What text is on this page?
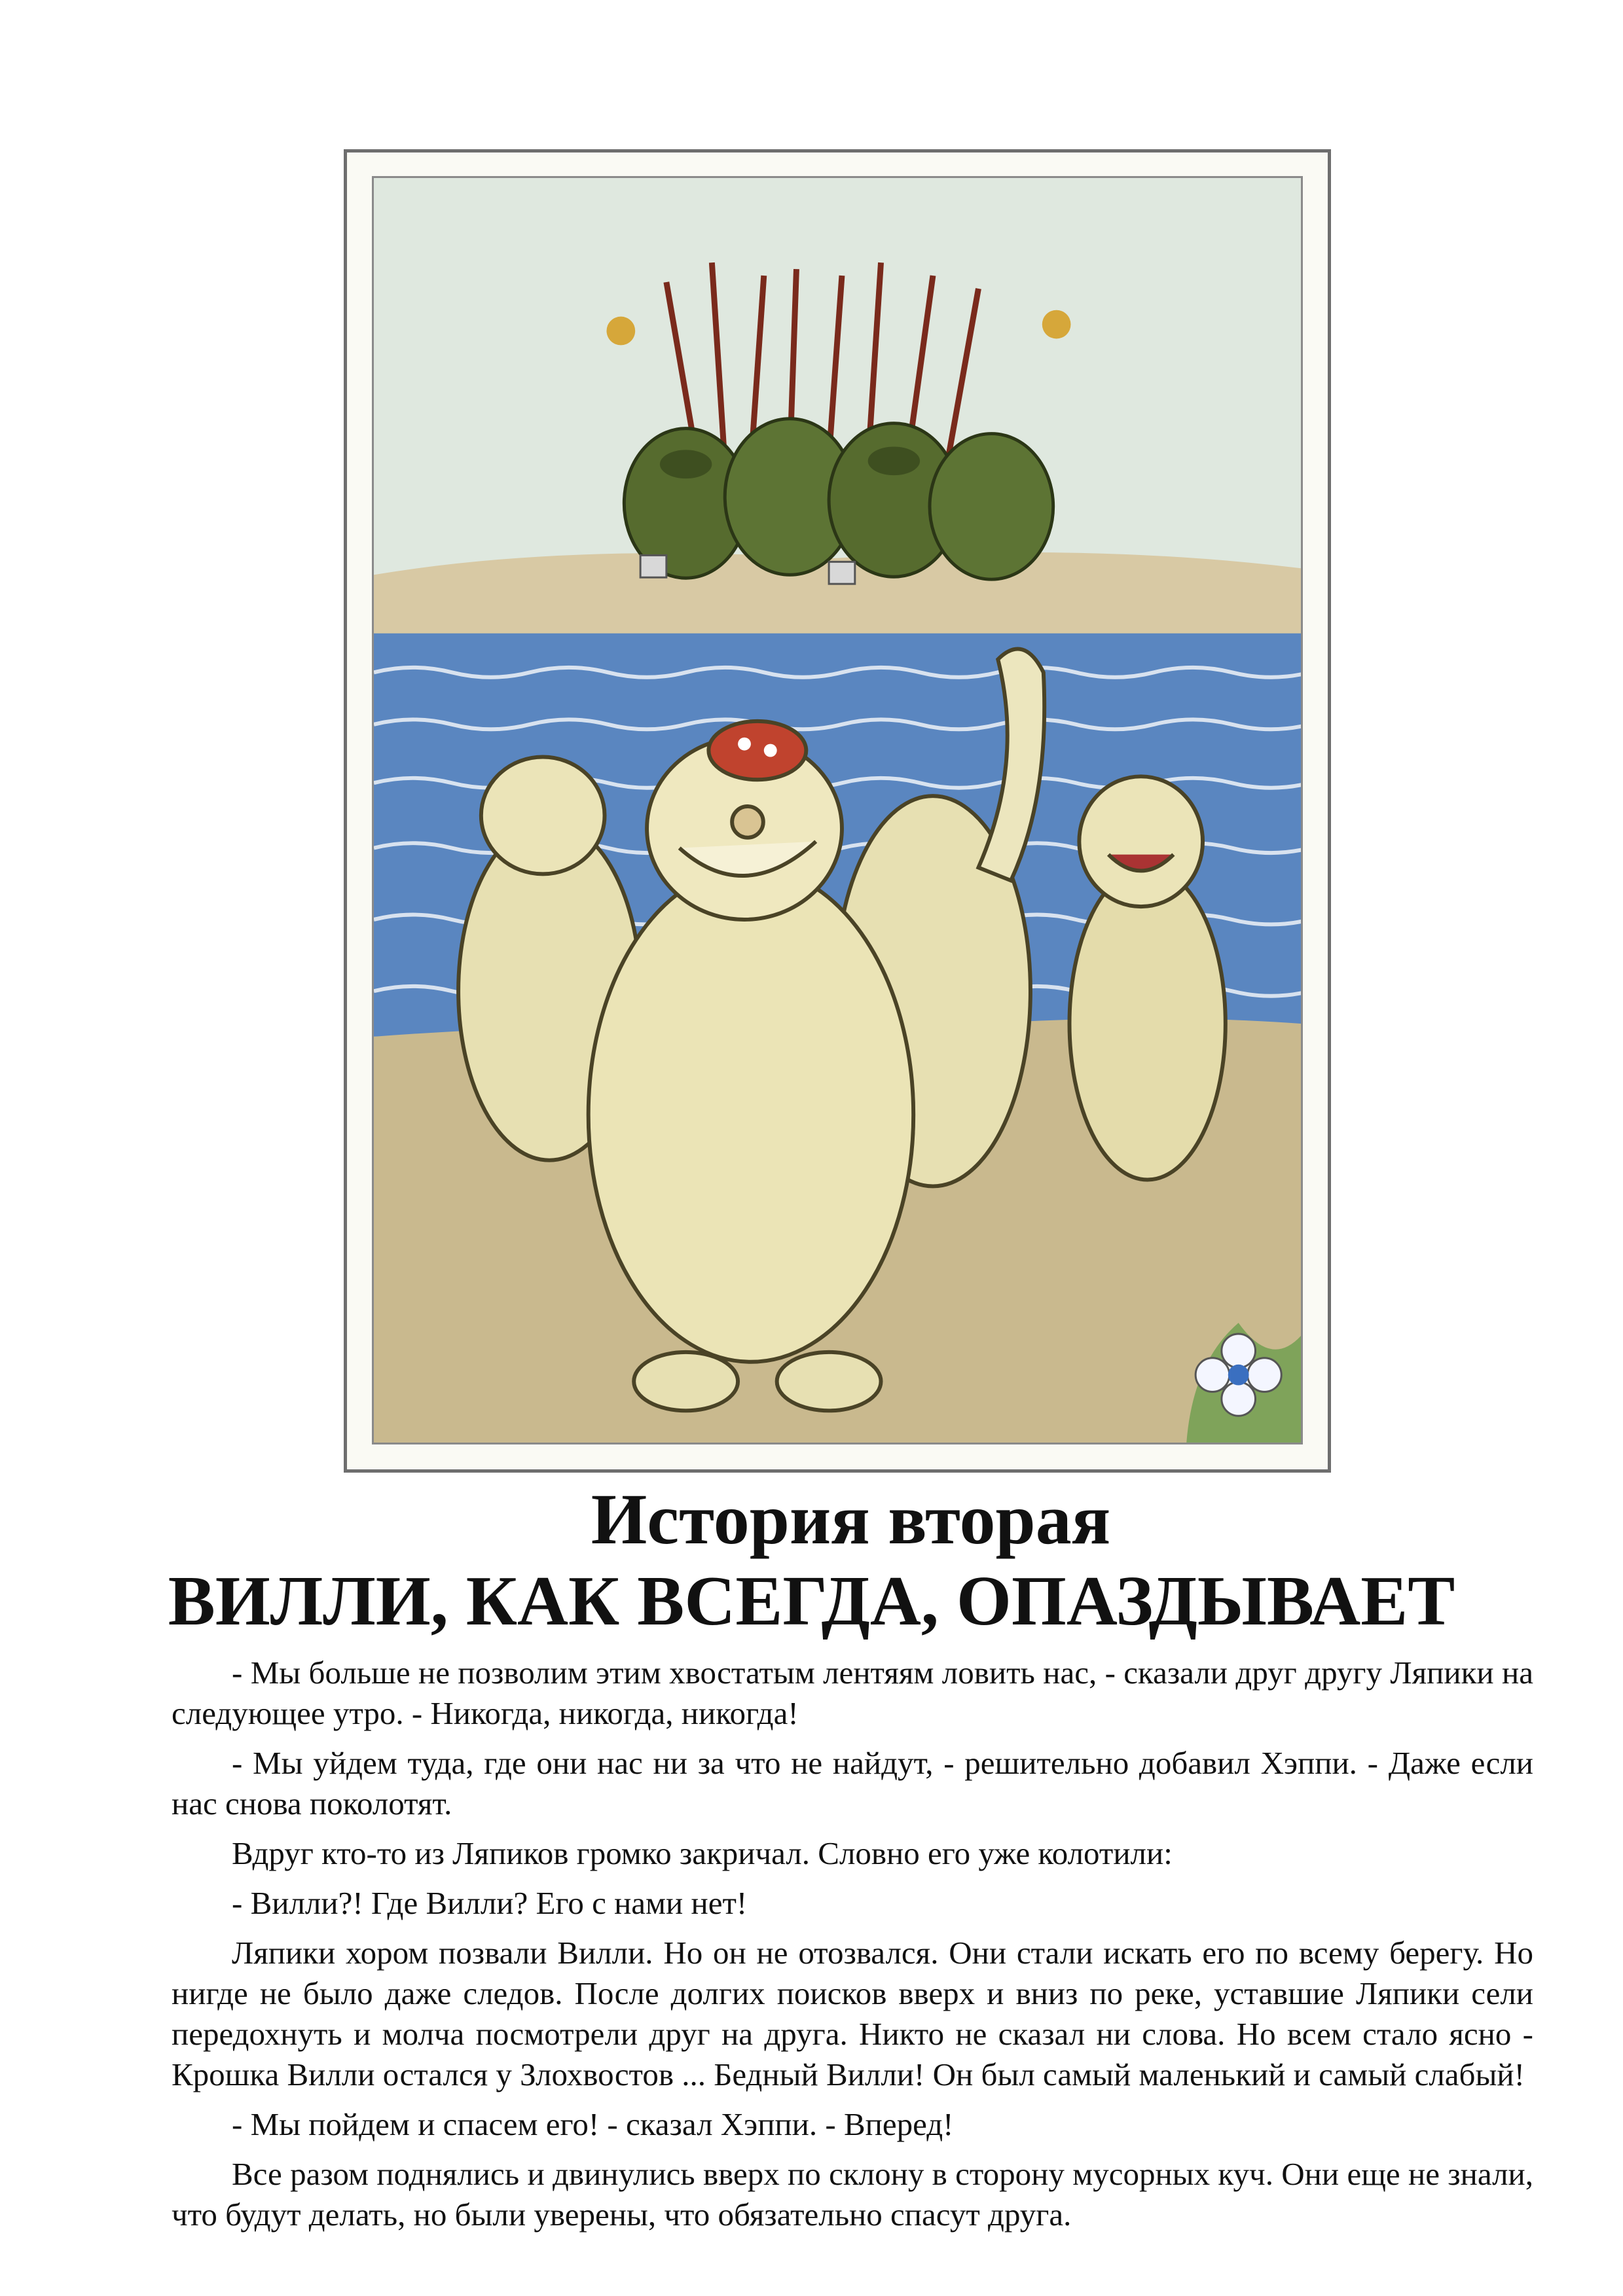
История вторая
ВИЛЛИ, КАК ВСЕГДА, ОПАЗДЫВАЕТ

- Мы больше не позволим этим хвостатым лентяям ловить нас, - сказали друг другу Ляпики на следующее утро. - Никогда, никогда, никогда!

- Мы уйдем туда, где они нас ни за что не найдут, - решительно добавил Хэппи. - Даже если нас снова поколотят.

Вдруг кто-то из Ляпиков громко закричал. Словно его уже колотили:

- Вилли?! Где Вилли? Его с нами нет!

Ляпики хором позвали Вилли. Но он не отозвался. Они стали искать его по всему берегу. Но нигде не было даже следов. После долгих поисков вверх и вниз по реке, уставшие Ляпики сели передохнуть и молча посмотрели друг на друга. Никто не сказал ни слова. Но всем стало ясно - Крошка Вилли остался у Злохвостов ... Бедный Вилли! Он был самый маленький и самый слабый!

- Мы пойдем и спасем его! - сказал Хэппи. - Вперед!

Все разом поднялись и двинулись вверх по склону в сторону мусорных куч. Они еще не знали, что будут делать, но были уверены, что обязательно спасут друга.
